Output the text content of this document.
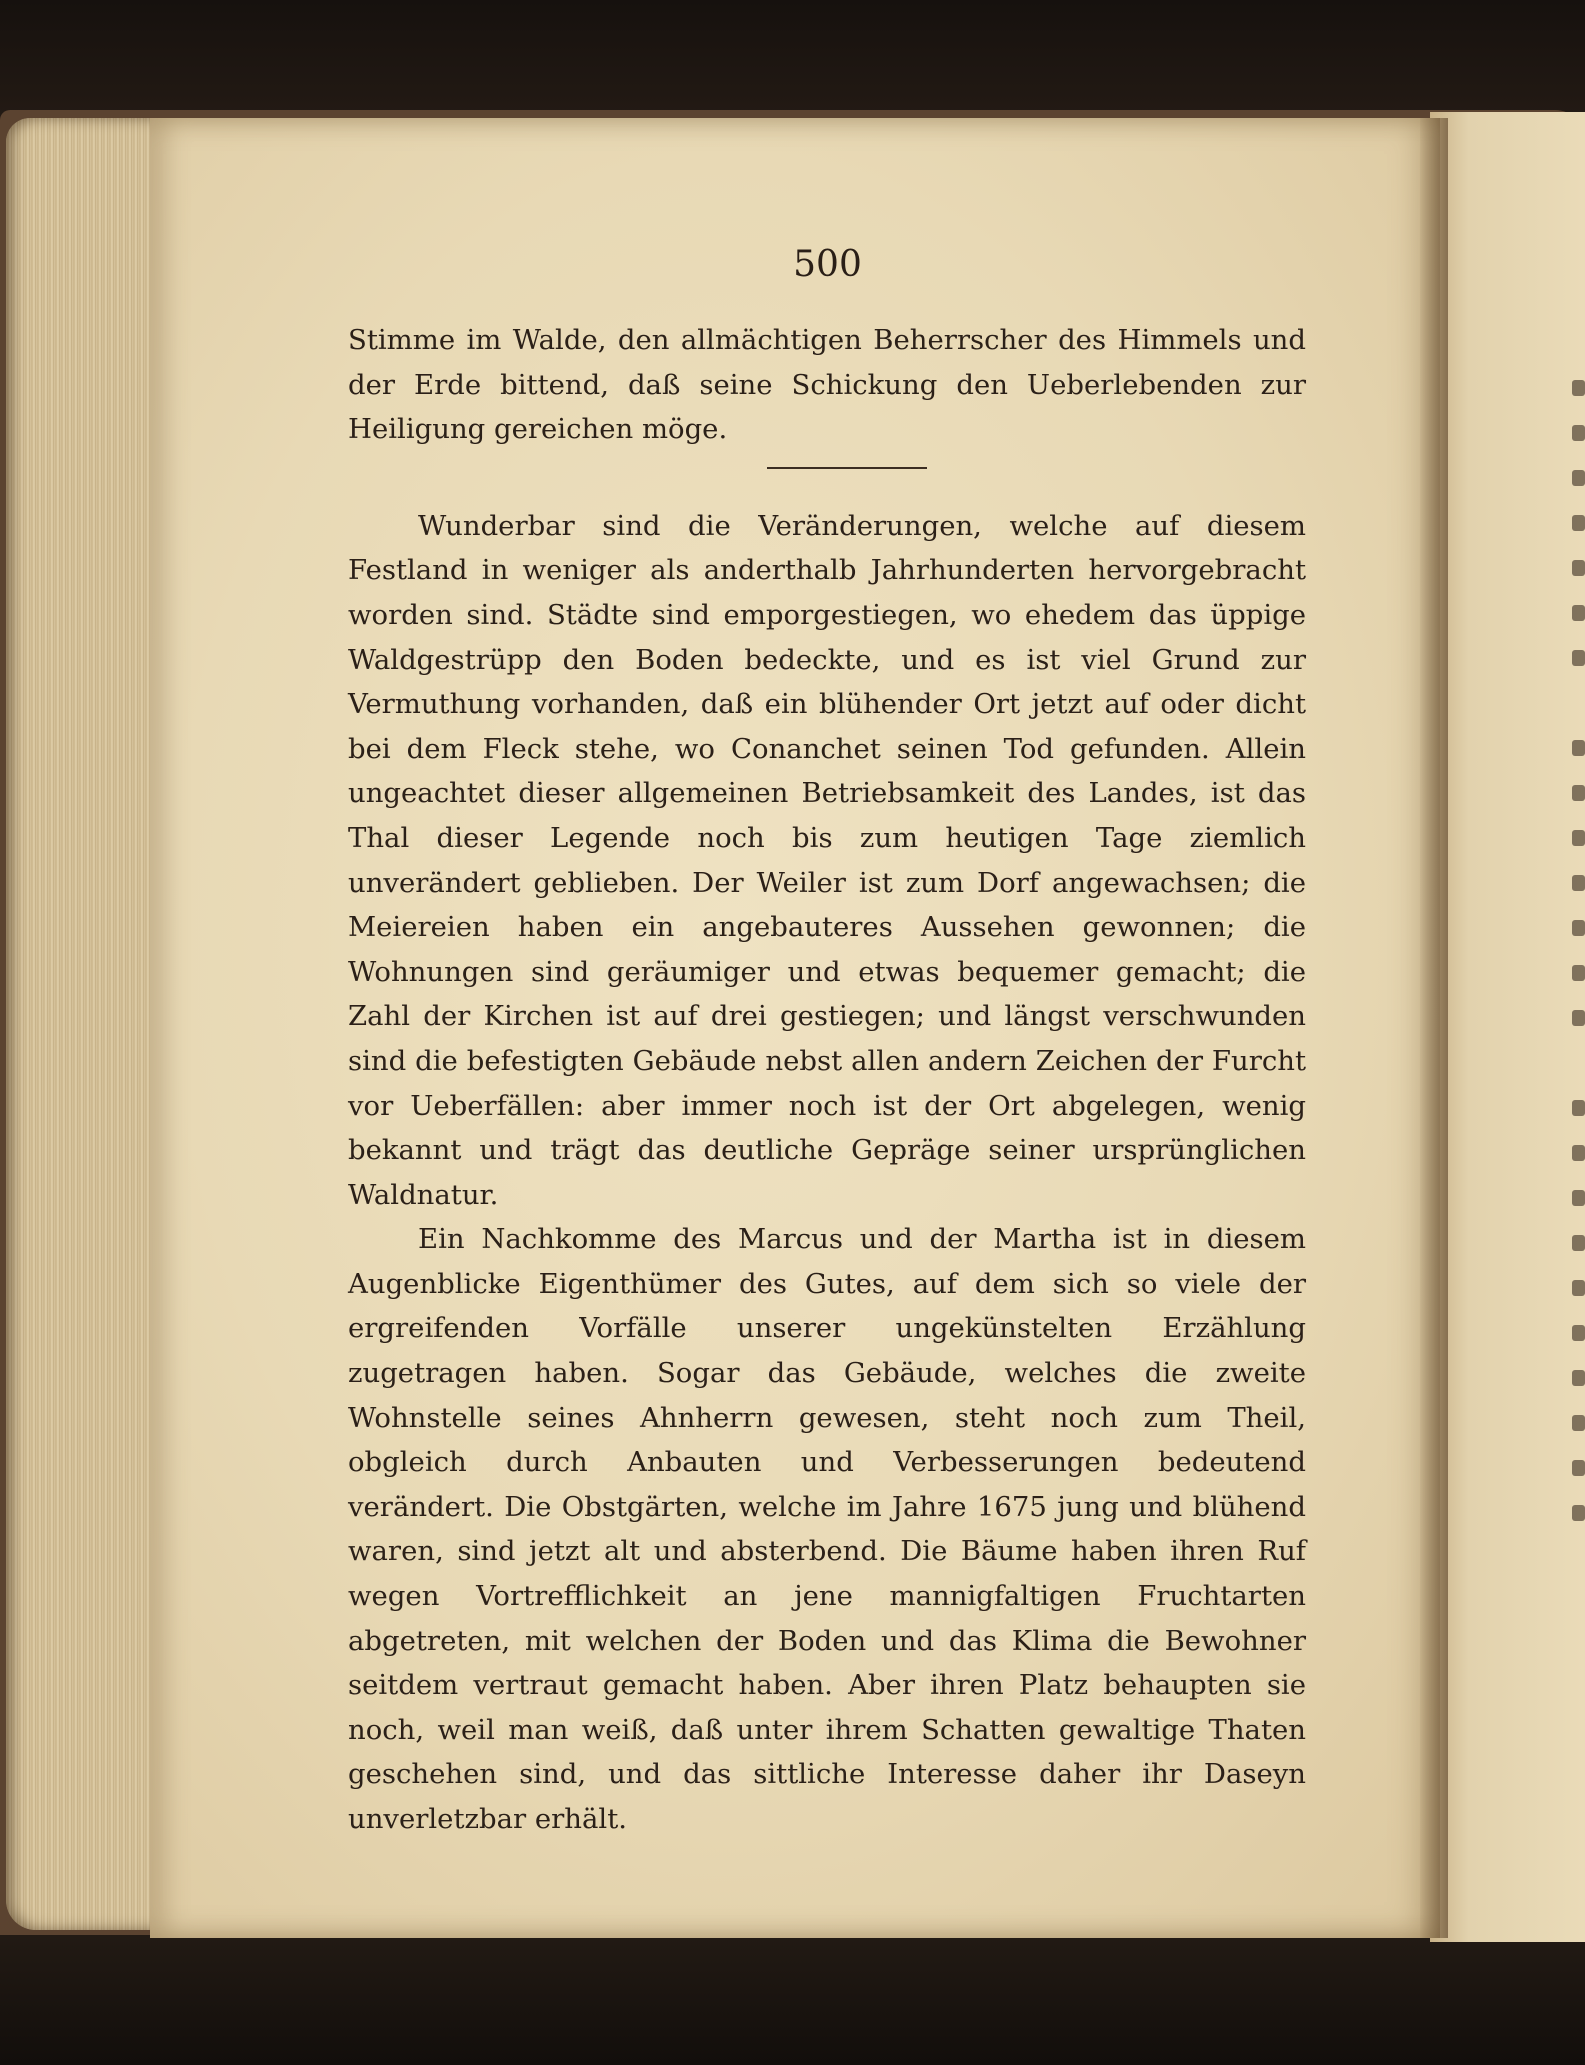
500

Stimme im Walde, den allmächtigen Beherrscher des Himmels und der Erde bittend, daß seine Schickung den Ueberlebenden zur Heiligung gereichen möge.

Wunderbar sind die Veränderungen, welche auf diesem Festland in weniger als anderthalb Jahrhunderten hervorgebracht worden sind. Städte sind emporgestiegen, wo ehedem das üppige Waldgestrüpp den Boden bedeckte, und es ist viel Grund zur Vermuthung vorhanden, daß ein blühender Ort jetzt auf oder dicht bei dem Fleck stehe, wo Conanchet seinen Tod gefunden. Allein ungeachtet dieser allgemeinen Betriebsamkeit des Landes, ist das Thal dieser Legende noch bis zum heutigen Tage ziemlich unverändert geblieben. Der Weiler ist zum Dorf angewachsen; die Meiereien haben ein angebauteres Aussehen gewonnen; die Wohnungen sind geräumiger und etwas bequemer gemacht; die Zahl der Kirchen ist auf drei gestiegen; und längst verschwunden sind die befestigten Gebäude nebst allen andern Zeichen der Furcht vor Ueberfällen: aber immer noch ist der Ort abgelegen, wenig bekannt und trägt das deutliche Gepräge seiner ursprünglichen Waldnatur.

Ein Nachkomme des Marcus und der Martha ist in diesem Augenblicke Eigenthümer des Gutes, auf dem sich so viele der ergreifenden Vorfälle unserer ungekünstelten Erzählung zugetragen haben. Sogar das Gebäude, welches die zweite Wohnstelle seines Ahnherrn gewesen, steht noch zum Theil, obgleich durch Anbauten und Verbesserungen bedeutend verändert. Die Obstgärten, welche im Jahre 1675 jung und blühend waren, sind jetzt alt und absterbend. Die Bäume haben ihren Ruf wegen Vortrefflichkeit an jene mannigfaltigen Fruchtarten abgetreten, mit welchen der Boden und das Klima die Bewohner seitdem vertraut gemacht haben. Aber ihren Platz behaupten sie noch, weil man weiß, daß unter ihrem Schatten gewaltige Thaten geschehen sind, und das sittliche Interesse daher ihr Daseyn unverletzbar erhält.
